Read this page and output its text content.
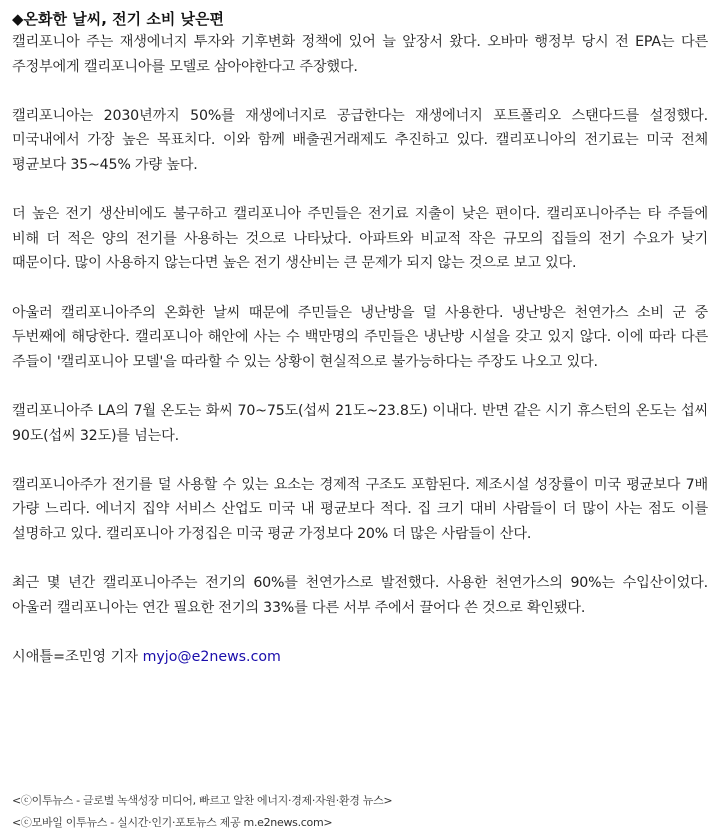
◆온화한 날씨, 전기 소비 낮은편

캘리포니아 주는 재생에너지 투자와 기후변화 정책에 있어 늘 앞장서 왔다. 오바마 행정부 당시 전 EPA는 다른 주정부에게 캘리포니아를 모델로 삼아야한다고 주장했다.

캘리포니아는 2030년까지 50%를 재생에너지로 공급한다는 재생에너지 포트폴리오 스탠다드를 설정했다. 미국내에서 가장 높은 목표치다. 이와 함께 배출권거래제도 추진하고 있다. 캘리포니아의 전기료는 미국 전체 평균보다 35~45% 가량 높다.

더 높은 전기 생산비에도 불구하고 캘리포니아 주민들은 전기료 지출이 낮은 편이다. 캘리포니아주는 타 주들에 비해 더 적은 양의 전기를 사용하는 것으로 나타났다. 아파트와 비교적 작은 규모의 집들의 전기 수요가 낮기 때문이다. 많이 사용하지 않는다면 높은 전기 생산비는 큰 문제가 되지 않는 것으로 보고 있다.

아울러 캘리포니아주의 온화한 날씨 때문에 주민들은 냉난방을 덜 사용한다. 냉난방은 천연가스 소비 군 중 두번째에 해당한다. 캘리포니아 해안에 사는 수 백만명의 주민들은 냉난방 시설을 갖고 있지 않다. 이에 따라 다른 주들이 '캘리포니아 모델'을 따라할 수 있는 상황이 현실적으로 불가능하다는 주장도 나오고 있다.

캘리포니아주 LA의 7월 온도는 화씨 70~75도(섭씨 21도~23.8도) 이내다. 반면 같은 시기 휴스턴의 온도는 섭씨 90도(섭씨 32도)를 넘는다.

캘리포니아주가 전기를 덜 사용할 수 있는 요소는 경제적 구조도 포함된다. 제조시설 성장률이 미국 평균보다 7배 가량 느리다. 에너지 집약 서비스 산업도 미국 내 평균보다 적다. 집 크기 대비 사람들이 더 많이 사는 점도 이를 설명하고 있다. 캘리포니아 가정집은 미국 평균 가정보다 20% 더 많은 사람들이 산다.

최근 몇 년간 캘리포니아주는 전기의 60%를 천연가스로 발전했다. 사용한 천연가스의 90%는 수입산이었다. 아울러 캘리포니아는 연간 필요한 전기의 33%를 다른 서부 주에서 끌어다 쓴 것으로 확인됐다.

시애틀=조민영 기자 myjo@e2news.com

<ⓒ이투뉴스 - 글로벌 녹색성장 미디어, 빠르고 알찬 에너지·경제·자원·환경 뉴스>
<ⓒ모바일 이투뉴스 - 실시간·인기·포토뉴스 제공 m.e2news.com>
